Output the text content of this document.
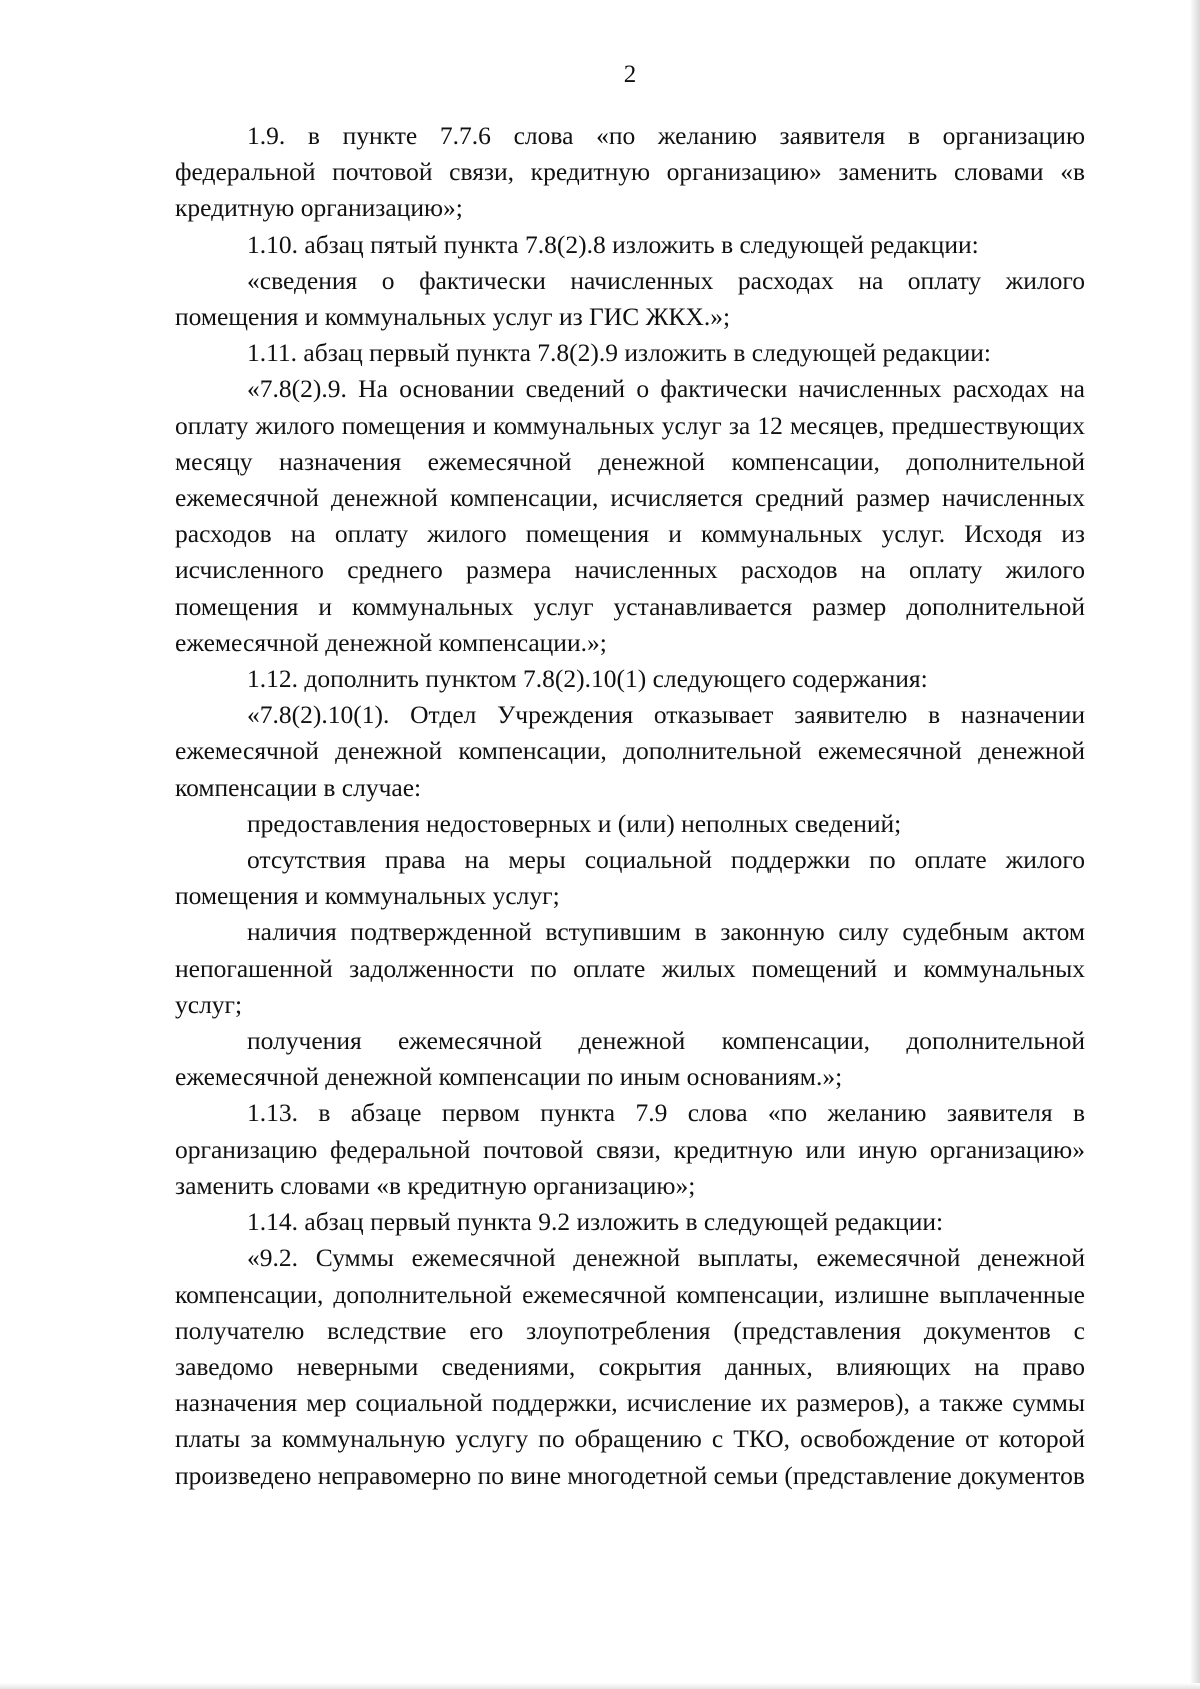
2

1.9. в пункте 7.7.6 слова «по желанию заявителя в организацию федеральной почтовой связи, кредитную организацию» заменить словами «в кредитную организацию»;

1.10. абзац пятый пункта 7.8(2).8 изложить в следующей редакции:

«сведения о фактически начисленных расходах на оплату жилого помещения и коммунальных услуг из ГИС ЖКХ.»;

1.11. абзац первый пункта 7.8(2).9 изложить в следующей редакции:

«7.8(2).9. На основании сведений о фактически начисленных расходах на оплату жилого помещения и коммунальных услуг за 12 месяцев, предшествующих месяцу назначения ежемесячной денежной компенсации, дополнительной ежемесячной денежной компенсации, исчисляется средний размер начисленных расходов на оплату жилого помещения и коммунальных услуг. Исходя из исчисленного среднего размера начисленных расходов на оплату жилого помещения и коммунальных услуг устанавливается размер дополнительной ежемесячной денежной компенсации.»;

1.12. дополнить пунктом 7.8(2).10(1) следующего содержания:

«7.8(2).10(1). Отдел Учреждения отказывает заявителю в назначении ежемесячной денежной компенсации, дополнительной ежемесячной денежной компенсации в случае:

предоставления недостоверных и (или) неполных сведений;

отсутствия права на меры социальной поддержки по оплате жилого помещения и коммунальных услуг;

наличия подтвержденной вступившим в законную силу судебным актом непогашенной задолженности по оплате жилых помещений и коммунальных услуг;

получения ежемесячной денежной компенсации, дополнительной ежемесячной денежной компенсации по иным основаниям.»;

1.13. в абзаце первом пункта 7.9 слова «по желанию заявителя в организацию федеральной почтовой связи, кредитную или иную организацию» заменить словами «в кредитную организацию»;

1.14. абзац первый пункта 9.2 изложить в следующей редакции:

«9.2. Суммы ежемесячной денежной выплаты, ежемесячной денежной компенсации, дополнительной ежемесячной компенсации, излишне выплаченные получателю вследствие его злоупотребления (представления документов с заведомо неверными сведениями, сокрытия данных, влияющих на право назначения мер социальной поддержки, исчисление их размеров), а также суммы платы за коммунальную услугу по обращению с ТКО, освобождение от которой произведено неправомерно по вине многодетной семьи (представление документов
